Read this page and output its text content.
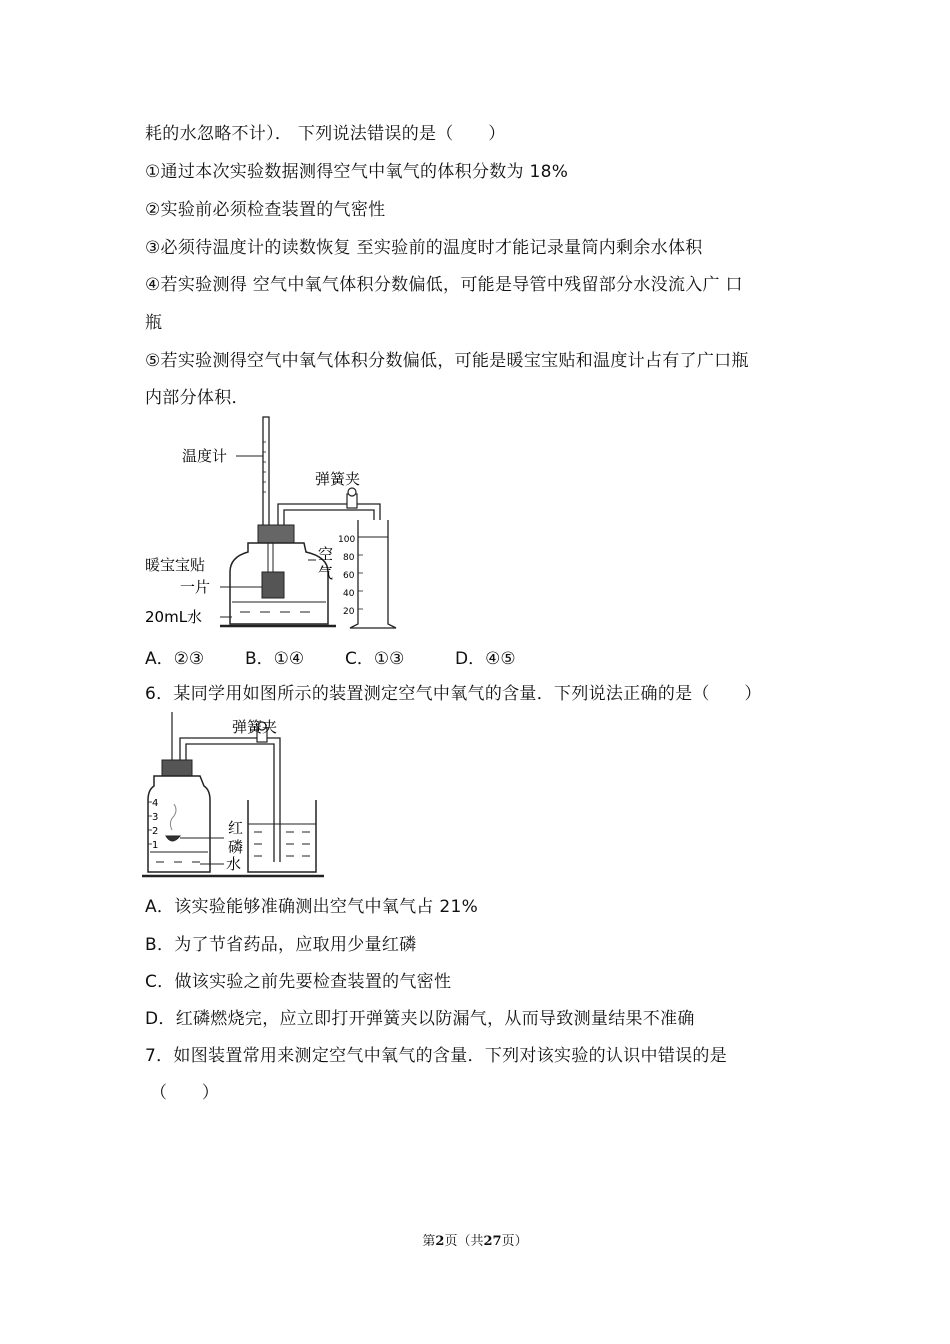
耗的水忽略不计）． 下列说法错误的是（　　）
①通过本次实验数据测得空气中氧气的体积分数为 18%
②实验前必须检查装置的气密性
③必须待温度计的读数恢复 至实验前的温度时才能记录量筒内剩余水体积
④若实验测得 空气中氧气体积分数偏低，可能是导管中残留部分水没流入广 口
瓶
⑤若实验测得空气中氧气体积分数偏低，可能是暖宝宝贴和温度计占有了广口瓶
内部分体积．
温度计
暖宝宝贴
一片
20mL水
空
气
弹簧夹
100
80
60
40
20
A．②③ B．①④ C．①③	D．④⑤
6．某同学用如图所示的装置测定空气中氧气的含量．下列说法正确的是（　　）
4
3
2
1
红
磷
水
弹簧夹
A．该实验能够准确测出空气中氧气占 21%
B．为了节省药品，应取用少量红磷
C．做该实验之前先要检查装置的气密性
D．红磷燃烧完，应立即打开弹簧夹以防漏气，从而导致测量结果不准确
7．如图装置常用来测定空气中氧气的含量．下列对该实验的认识中错误的是
（　　）
第2页（共27页）
